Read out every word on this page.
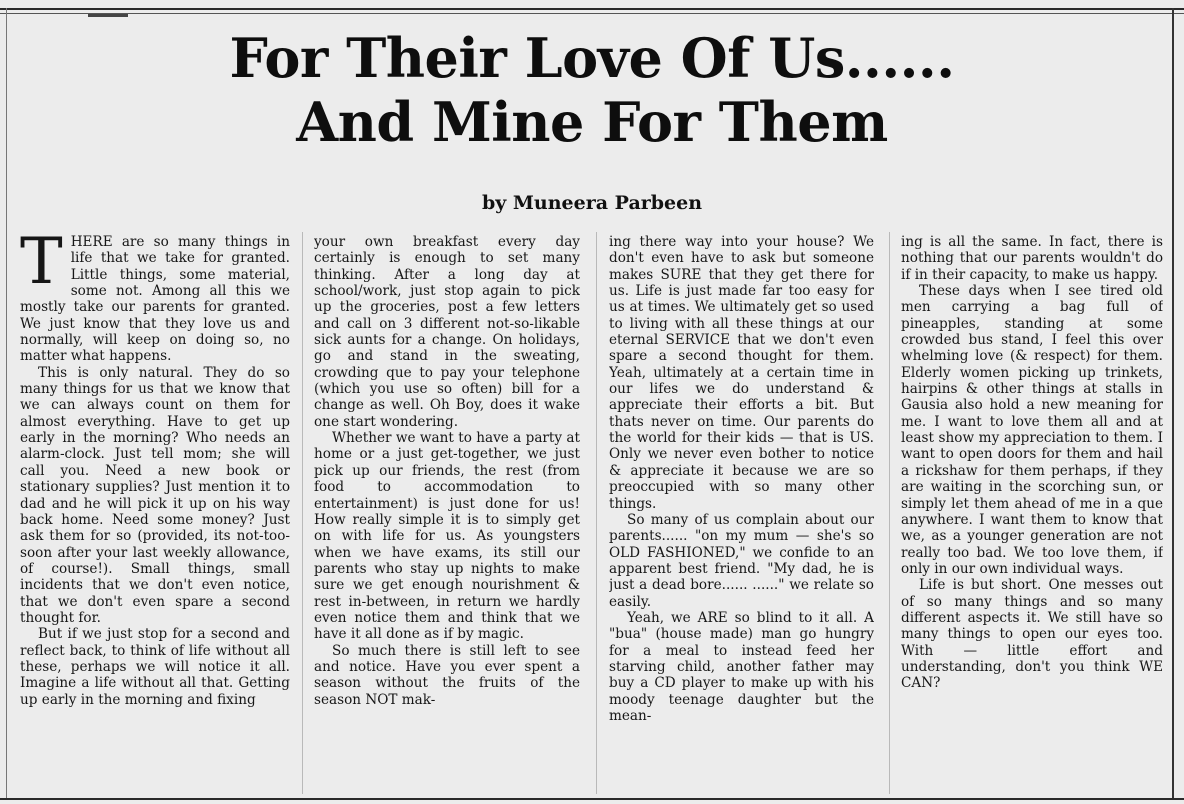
For Their Love Of Us......
And Mine For Them
by Muneera Parbeen
T HERE are so many things in life that we take for granted. Little things, some material, some not. Among all this we mostly take our parents for granted. We just know that they love us and normally, will keep on doing so, no matter what happens.

This is only natural. They do so many things for us that we know that we can always count on them for almost everything. Have to get up early in the morning? Who needs an alarm-clock. Just tell mom; she will call you. Need a new book or stationary supplies? Just mention it to dad and he will pick it up on his way back home. Need some money? Just ask them for so (provided, its not-too-soon after your last weekly allowance, of course!). Small things, small incidents that we don't even notice, that we don't even spare a second thought for.

But if we just stop for a second and reflect back, to think of life without all these, perhaps we will notice it all. Imagine a life without all that. Getting up early in the morning and fixing

your own breakfast every day certainly is enough to set many thinking. After a long day at school/work, just stop again to pick up the groceries, post a few letters and call on 3 different not-so-likable sick aunts for a change. On holidays, go and stand in the sweating, crowding que to pay your telephone (which you use so often) bill for a change as well. Oh Boy, does it wake one start wondering.

Whether we want to have a party at home or a just get-together, we just pick up our friends, the rest (from food to accommodation to entertainment) is just done for us! How really simple it is to simply get on with life for us. As youngsters when we have exams, its still our parents who stay up nights to make sure we get enough nourishment & rest in-between, in return we hardly even notice them and think that we have it all done as if by magic.

So much there is still left to see and notice. Have you ever spent a season without the fruits of the season NOT mak-

ing there way into your house? We don't even have to ask but someone makes SURE that they get there for us. Life is just made far too easy for us at times. We ultimately get so used to living with all these things at our eternal SERVICE that we don't even spare a second thought for them. Yeah, ultimately at a certain time in our lifes we do understand & appreciate their efforts a bit. But thats never on time. Our parents do the world for their kids — that is US. Only we never even bother to notice & appreciate it because we are so preoccupied with so many other things.

So many of us complain about our parents...... "on my mum — she's so OLD FASHIONED," we confide to an apparent best friend. "My dad, he is just a dead bore...... ......" we relate so easily.

Yeah, we ARE so blind to it all. A "bua" (house made) man go hungry for a meal to instead feed her starving child, another father may buy a CD player to make up with his moody teenage daughter but the mean-

ing is all the same. In fact, there is nothing that our parents wouldn't do if in their capacity, to make us happy.

These days when I see tired old men carrying a bag full of pineapples, standing at some crowded bus stand, I feel this over whelming love (& respect) for them. Elderly women picking up trinkets, hairpins & other things at stalls in Gausia also hold a new meaning for me. I want to love them all and at least show my appreciation to them. I want to open doors for them and hail a rickshaw for them perhaps, if they are waiting in the scorching sun, or simply let them ahead of me in a que anywhere. I want them to know that we, as a younger generation are not really too bad. We too love them, if only in our own individual ways.

Life is but short. One messes out of so many things and so many different aspects it. We still have so many things to open our eyes too. With — little effort and understanding, don't you think WE CAN?
